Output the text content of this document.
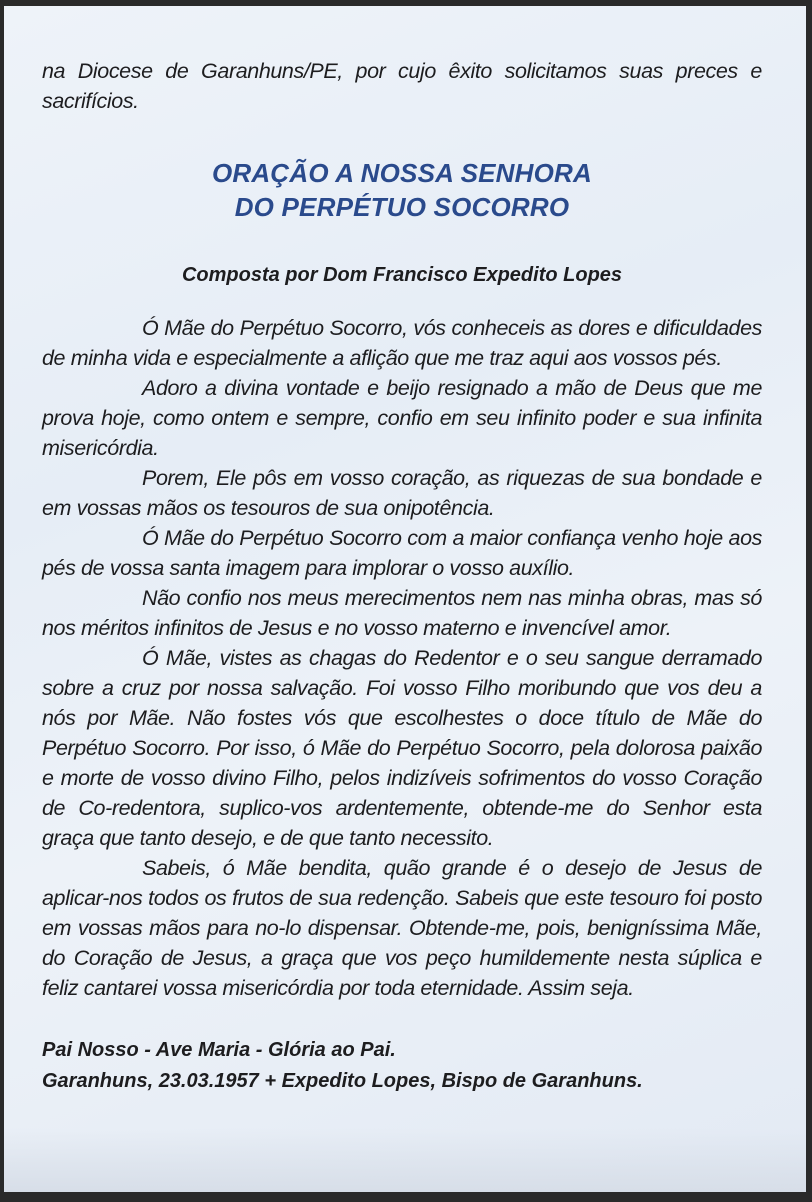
na Diocese de Garanhuns/PE, por cujo êxito solicitamos suas preces e sacrifícios.

ORAÇÃO A NOSSA SENHORA
DO PERPÉTUO SOCORRO
Composta por Dom Francisco Expedito Lopes

Ó Mãe do Perpétuo Socorro, vós conheceis as dores e dificuldades de minha vida e especialmente a aflição que me traz aqui aos vossos pés.

Adoro a divina vontade e beijo resignado a mão de Deus que me prova hoje, como ontem e sempre, confio em seu infinito poder e sua infinita misericórdia.

Porem, Ele pôs em vosso coração, as riquezas de sua bondade e em vossas mãos os tesouros de sua onipotência.

Ó Mãe do Perpétuo Socorro com a maior confiança venho hoje aos pés de vossa santa imagem para implorar o vosso auxílio.

Não confio nos meus merecimentos nem nas minha obras, mas só nos méritos infinitos de Jesus e no vosso materno e invencível amor.

Ó Mãe, vistes as chagas do Redentor e o seu sangue derramado sobre a cruz por nossa salvação. Foi vosso Filho moribundo que vos deu a nós por Mãe. Não fostes vós que escolhestes o doce título de Mãe do Perpétuo Socorro. Por isso, ó Mãe do Perpétuo Socorro, pela dolorosa paixão e morte de vosso divino Filho, pelos indizíveis sofrimentos do vosso Coração de Co-redentora, suplico-vos ardentemente, obtende-me do Senhor esta graça que tanto desejo, e de que tanto necessito.

Sabeis, ó Mãe bendita, quão grande é o desejo de Jesus de aplicar-nos todos os frutos de sua redenção. Sabeis que este tesouro foi posto em vossas mãos para no-lo dispensar. Obtende-me, pois, benigníssima Mãe, do Coração de Jesus, a graça que vos peço humildemente nesta súplica e feliz cantarei vossa misericórdia por toda eternidade. Assim seja.

Pai Nosso - Ave Maria - Glória ao Pai.
Garanhuns, 23.03.1957 + Expedito Lopes, Bispo de Garanhuns.
